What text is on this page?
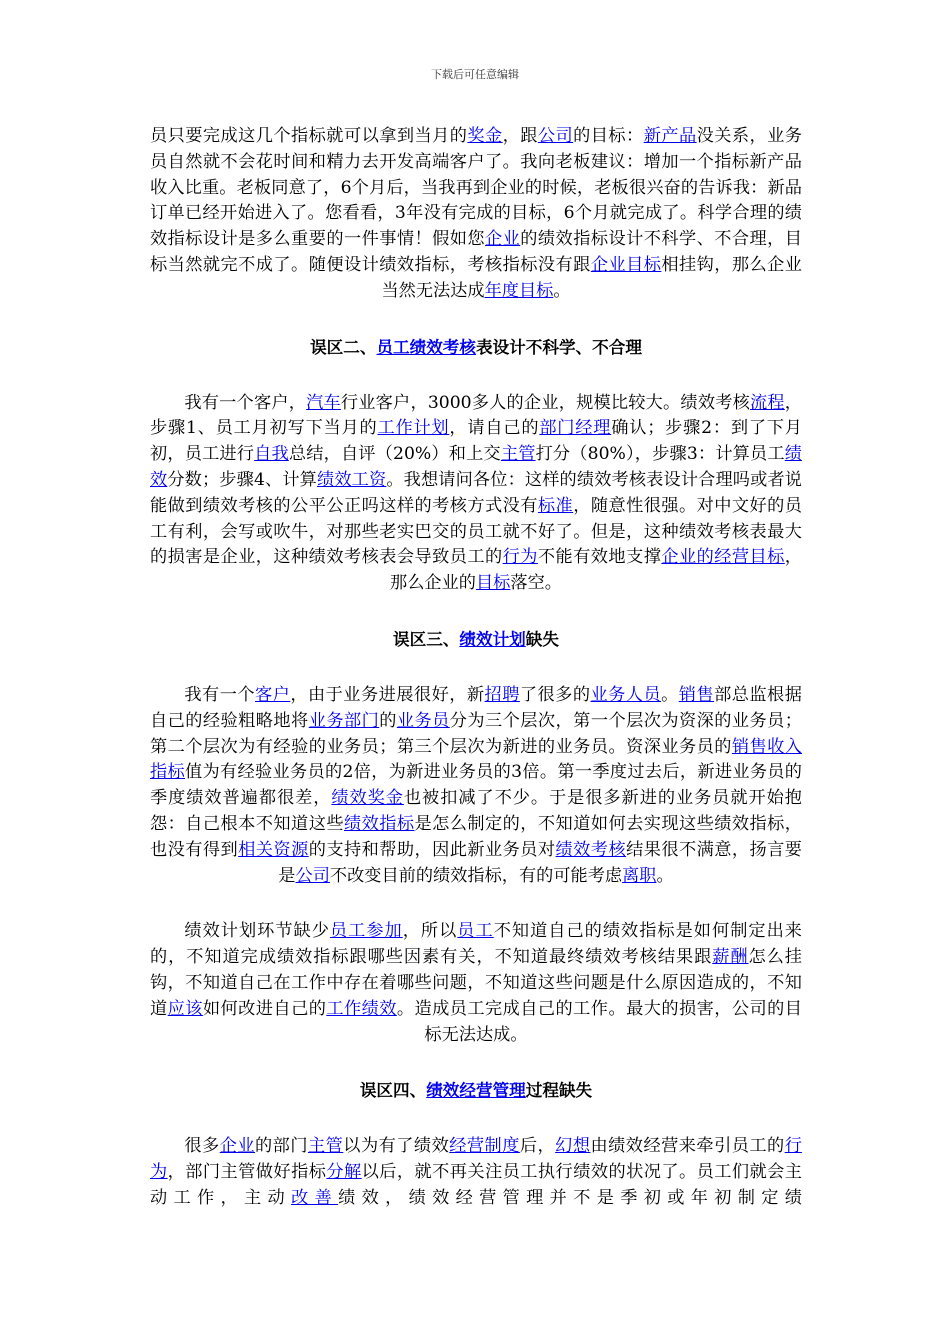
下载后可任意编辑

员只要完成这几个指标就可以拿到当月的奖金，跟公司的目标：新产品没关系，业务员自然就不会花时间和精力去开发高端客户了。我向老板建议：增加一个指标新产品收入比重。老板同意了，6个月后，当我再到企业的时候，老板很兴奋的告诉我：新品订单已经开始进入了。您看看，3年没有完成的目标，6个月就完成了。科学合理的绩效指标设计是多么重要的一件事情！假如您企业的绩效指标设计不科学、不合理，目标当然就完不成了。随便设计绩效指标，考核指标没有跟企业目标相挂钩，那么企业当然无法达成年度目标。

误区二、员工绩效考核表设计不科学、不合理

我有一个客户，汽车行业客户，3000多人的企业，规模比较大。绩效考核流程，步骤1、员工月初写下当月的工作计划，请自己的部门经理确认；步骤2：到了下月初，员工进行自我总结，自评（20%）和上交主管打分（80%），步骤3：计算员工绩效分数；步骤4、计算绩效工资。我想请问各位：这样的绩效考核表设计合理吗或者说能做到绩效考核的公平公正吗这样的考核方式没有标准，随意性很强。对中文好的员工有利，会写或吹牛，对那些老实巴交的员工就不好了。但是，这种绩效考核表最大的损害是企业，这种绩效考核表会导致员工的行为不能有效地支撑企业的经营目标，那么企业的目标落空。

误区三、绩效计划缺失

我有一个客户，由于业务进展很好，新招聘了很多的业务人员。销售部总监根据自己的经验粗略地将业务部门的业务员分为三个层次，第一个层次为资深的业务员；第二个层次为有经验的业务员；第三个层次为新进的业务员。资深业务员的销售收入指标值为有经验业务员的2倍，为新进业务员的3倍。第一季度过去后，新进业务员的季度绩效普遍都很差，绩效奖金也被扣减了不少。于是很多新进的业务员就开始抱怨：自己根本不知道这些绩效指标是怎么制定的，不知道如何去实现这些绩效指标，也没有得到相关资源的支持和帮助，因此新业务员对绩效考核结果很不满意，扬言要是公司不改变目前的绩效指标，有的可能考虑离职。

绩效计划环节缺少员工参加，所以员工不知道自己的绩效指标是如何制定出来的，不知道完成绩效指标跟哪些因素有关，不知道最终绩效考核结果跟薪酬怎么挂钩，不知道自己在工作中存在着哪些问题，不知道这些问题是什么原因造成的，不知道应该如何改进自己的工作绩效。造成员工完成自己的工作。最大的损害，公司的目标无法达成。

误区四、绩效经营管理过程缺失

很多企业的部门主管以为有了绩效经营制度后，幻想由绩效经营来牵引员工的行为，部门主管做好指标分解以后，就不再关注员工执行绩效的状况了。员工们就会主动工作，主动改善绩效，绩效经营管理并不是季初或年初制定绩
